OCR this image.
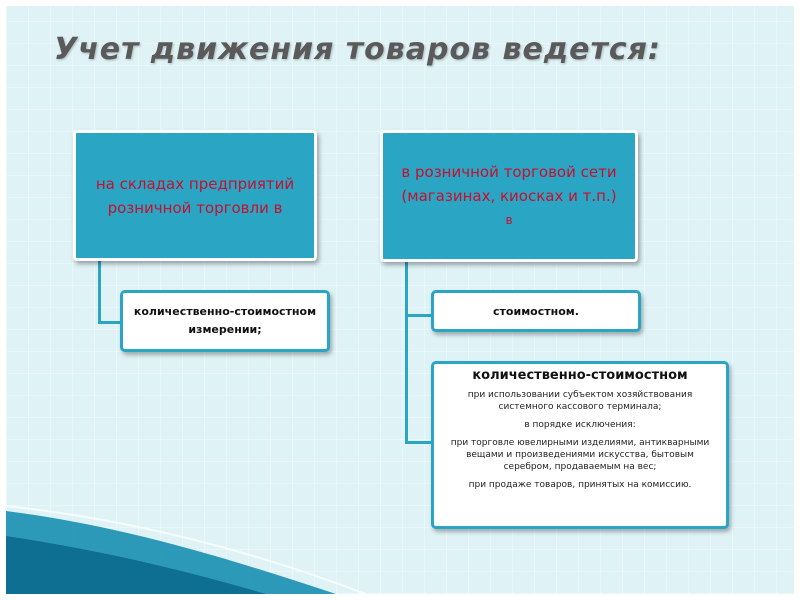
Учет движения товаров ведется:
на складах предприятий
розничной торговли в
в розничной торговой сети
(магазинах, киосках и т.п.)
в
количественно-стоимостном
измерении;
стоимостном.
количественно-стоимостном
при использовании субъектом хозяйствования системного кассового терминала;
в порядке исключения:
при торговле ювелирными изделиями, антикварными вещами и произведениями искусства, бытовым серебром, продаваемым на вес;
при продаже товаров, принятых на комиссию.
